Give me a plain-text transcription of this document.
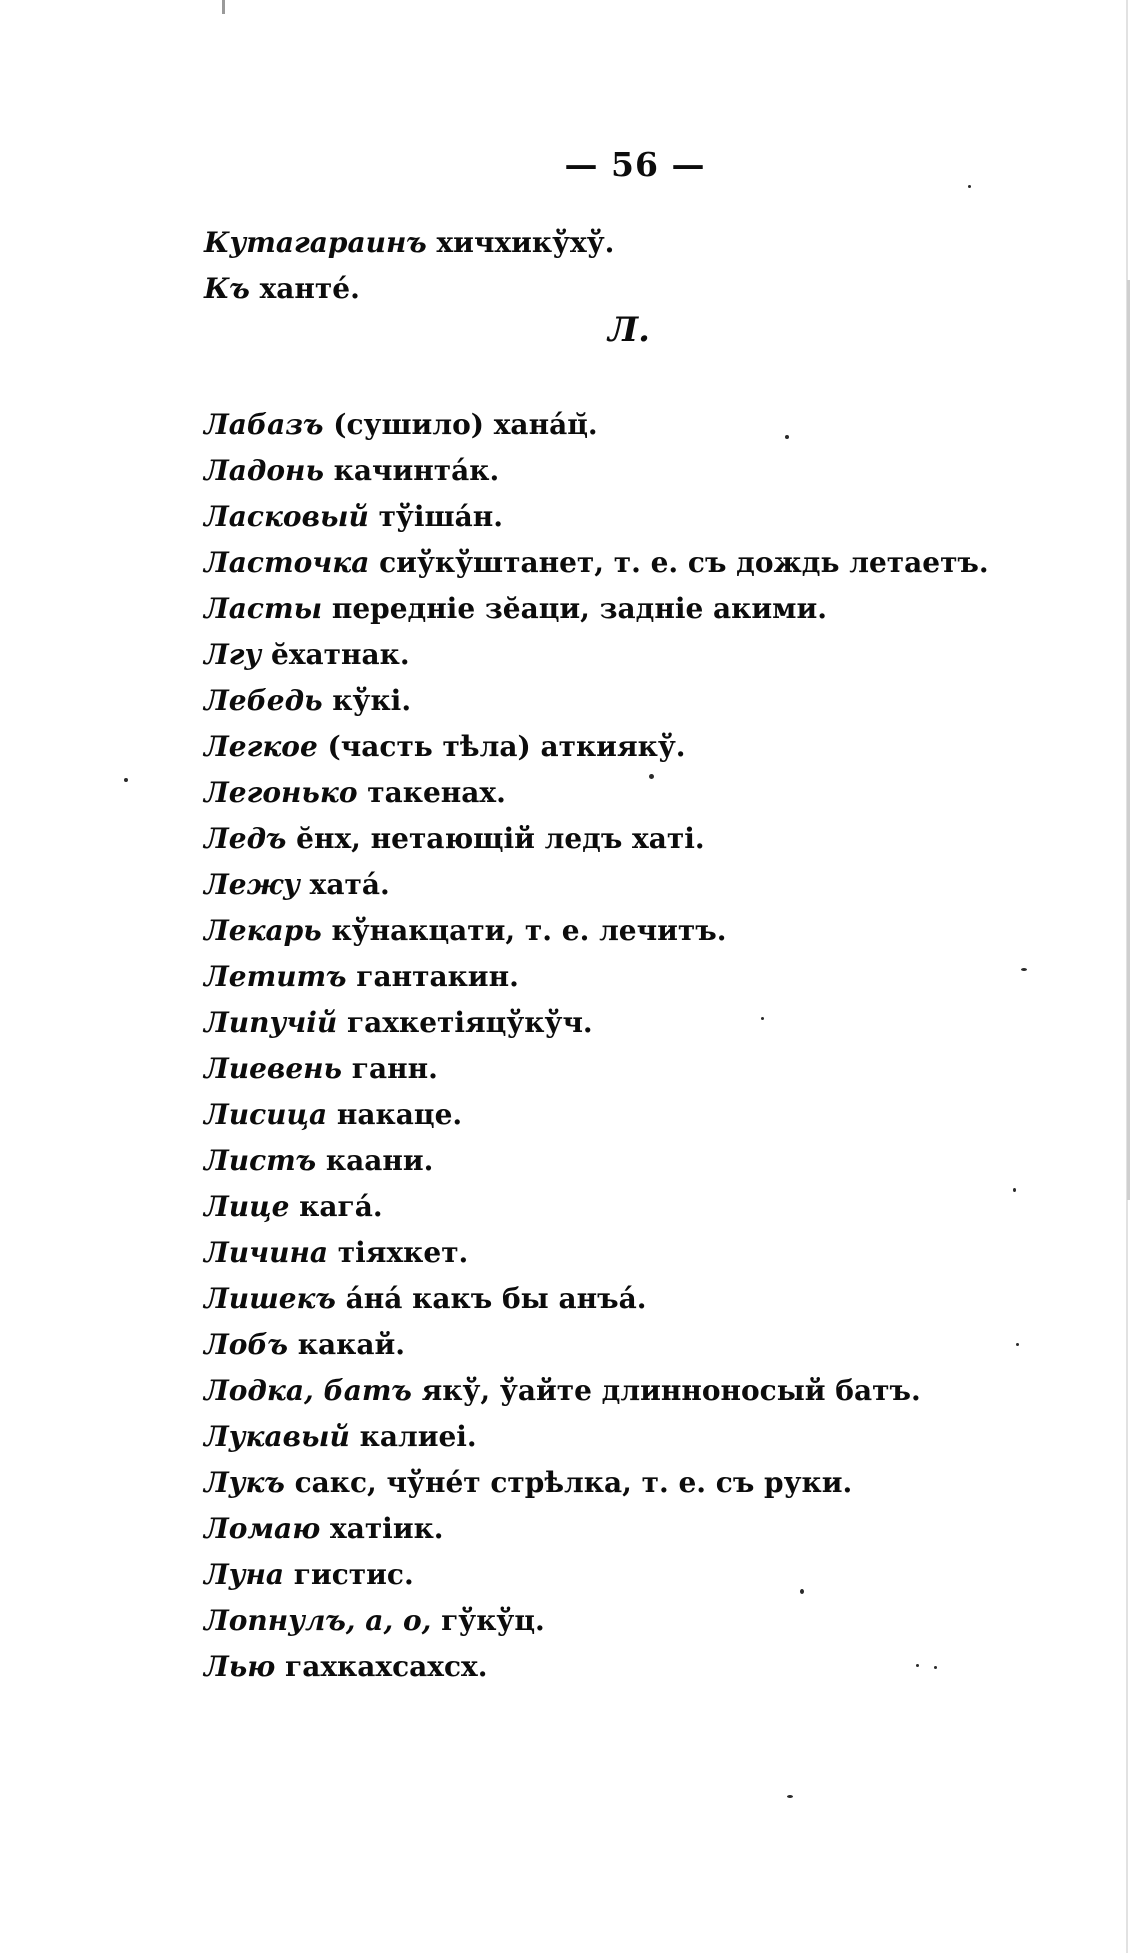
— 56 —
Кутагараинъ хичхикўхў.
Къ хантé.
Л.
Лабазъ (сушило) ханáц̆.
Ладонь качинтáк.
Ласковый тўiшáн.
Ласточка сиўкўштанет, т. е. съ дождь летаетъ.
Ласты передніе зӗаци, задніе акими.
Лгу ӗхатнак.
Лебедь кўкi.
Легкое (часть тѣла) аткиякў.
Легонько такенах.
Ледъ ӗнх, нетающій ледъ хатi.
Лежу хатá.
Лекарь кўнакцати, т. е. лечитъ.
Летитъ гантакин.
Липучій гахкетiяцўкўч.
Лиевень ганн.
Лисица накаце.
Листъ каани.
Лице кагá.
Личина тiяхкет.
Лишекъ áнá какъ бы анъá.
Лобъ какай.
Лодка, батъ якў, ўайте длинноносый батъ.
Лукавый калиеi.
Лукъ сакс, чўнéт стрѣлка, т. е. съ руки.
Ломаю хатiик.
Луна гистис.
Лопнулъ, а, о, гўкўц.
Лью гахкахсахсх.
